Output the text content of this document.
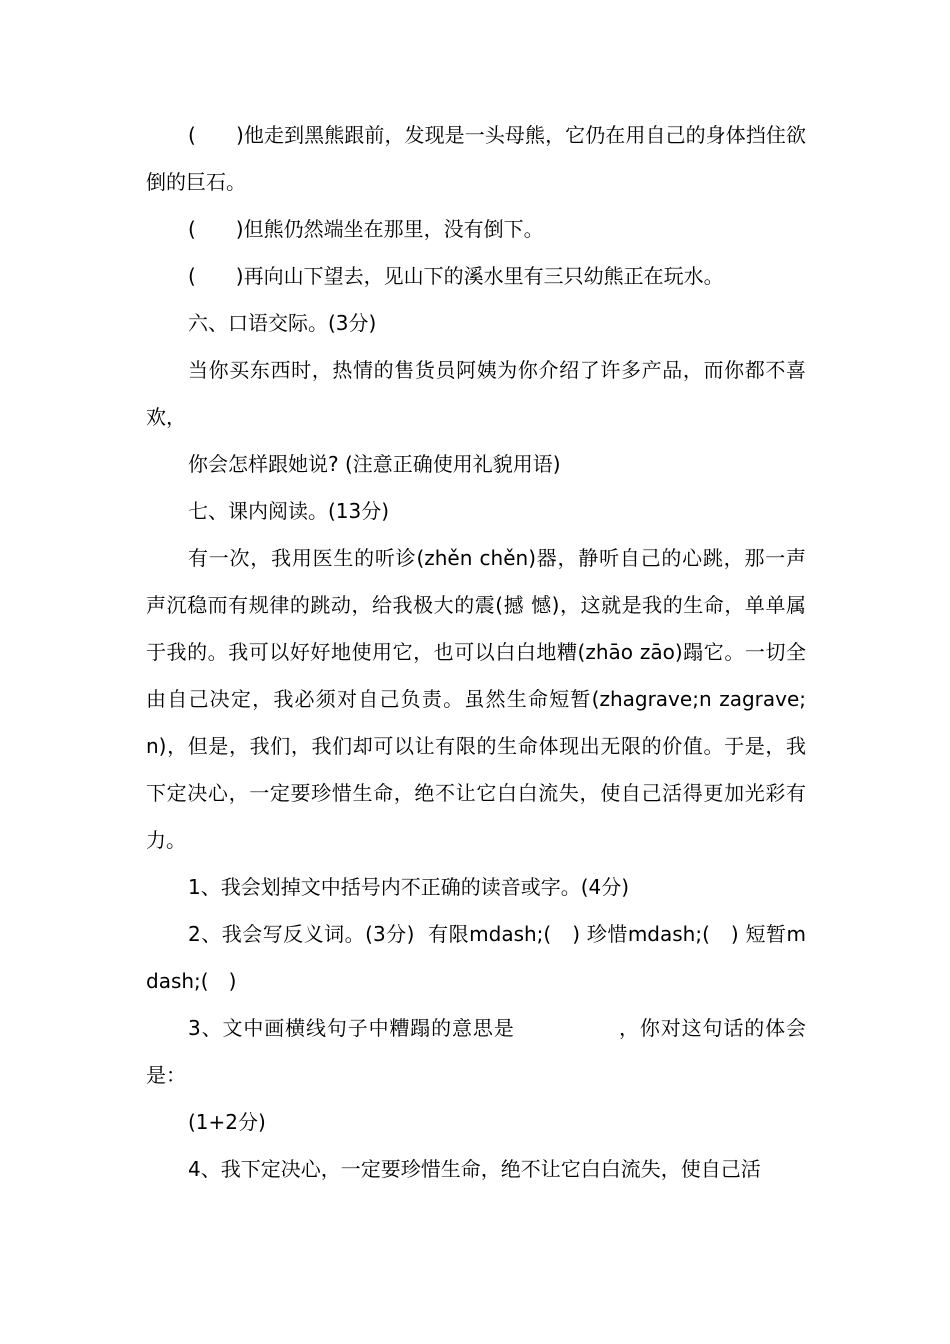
(　　)他走到黑熊跟前，发现是一头母熊，它仍在用自己的身体挡住欲倒的巨石。

(　　)但熊仍然端坐在那里，没有倒下。

(　　)再向山下望去，见山下的溪水里有三只幼熊正在玩水。

六、口语交际。(3分)

当你买东西时，热情的售货员阿姨为你介绍了许多产品，而你都不喜欢，

你会怎样跟她说? (注意正确使用礼貌用语)

七、课内阅读。(13分)

有一次，我用医生的听诊(zhěn chěn)器，静听自己的心跳，那一声声沉稳而有规律的跳动，给我极大的震(撼 憾)，这就是我的生命，单单属于我的。我可以好好地使用它，也可以白白地糟(zhāo zāo)蹋它。一切全由自己决定，我必须对自己负责。虽然生命短暂(zhagrave;n zagrave;n)，但是，我们，我们却可以让有限的生命体现出无限的价值。于是，我下定决心，一定要珍惜生命，绝不让它白白流失，使自己活得更加光彩有力。

1、我会划掉文中括号内不正确的读音或字。(4分)

2、我会写反义词。(3分)  有限mdash;(　) 珍惜mdash;(　) 短暂mdash;(　)

3、文中画横线句子中糟蹋的意思是　　　　　，你对这句话的体会是：

(1+2分)

4、我下定决心，一定要珍惜生命，绝不让它白白流失，使自己活
